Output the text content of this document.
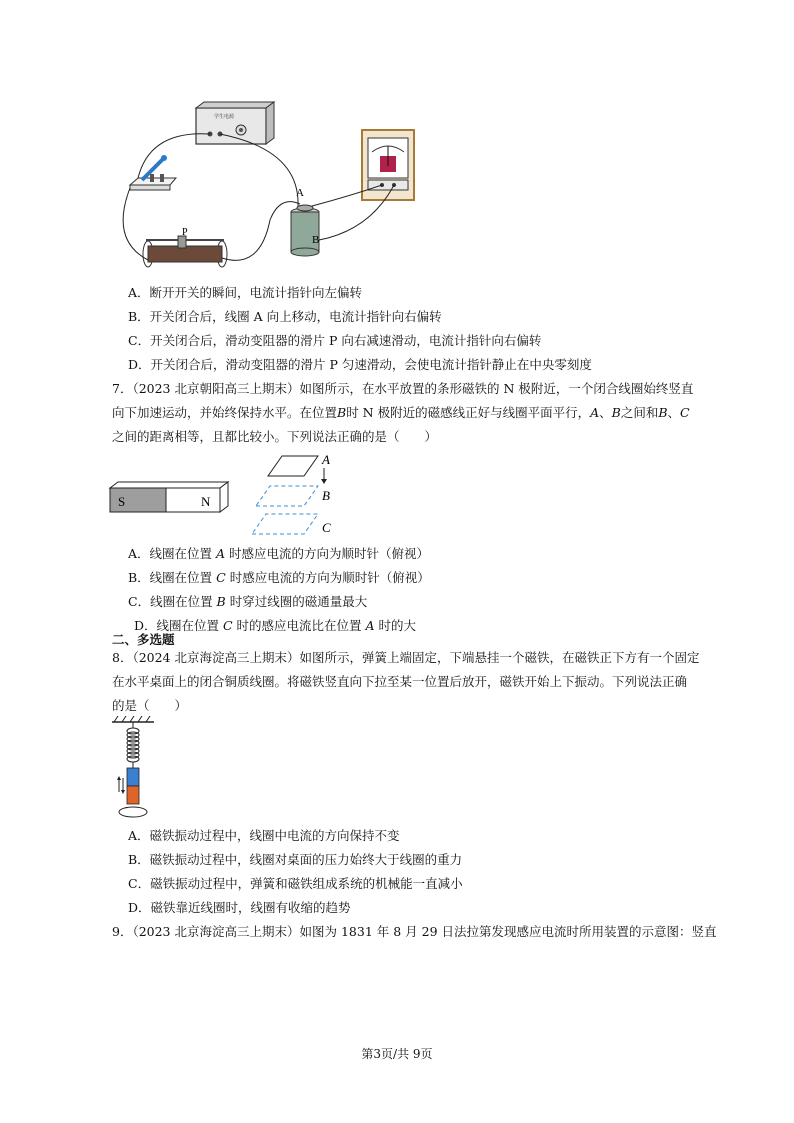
学生电源
P
A
B
A．断开开关的瞬间，电流计指针向左偏转
B．开关闭合后，线圈 A 向上移动，电流计指针向右偏转
C．开关闭合后，滑动变阻器的滑片 P 向右减速滑动，电流计指针向右偏转
D．开关闭合后，滑动变阻器的滑片 P 匀速滑动，会使电流计指针静止在中央零刻度
7．（2023 北京朝阳高三上期末）如图所示，在水平放置的条形磁铁的 N 极附近，一个闭合线圈始终竖直
向下加速运动，并始终保持水平。在位置B时 N 极附近的磁感线正好与线圈平面平行，A、B之间和B、C
之间的距离相等，且都比较小。下列说法正确的是（　　）
S	N
A
B
C
A．线圈在位置 A 时感应电流的方向为顺时针（俯视）
B．线圈在位置 C 时感应电流的方向为顺时针（俯视）
C．线圈在位置 B 时穿过线圈的磁通量最大
D．线圈在位置 C 时的感应电流比在位置 A 时的大
二、多选题
8．（2024 北京海淀高三上期末）如图所示，弹簧上端固定，下端悬挂一个磁铁，在磁铁正下方有一个固定
在水平桌面上的闭合铜质线圈。将磁铁竖直向下拉至某一位置后放开，磁铁开始上下振动。下列说法正确
的是（　　）
A．磁铁振动过程中，线圈中电流的方向保持不变
B．磁铁振动过程中，线圈对桌面的压力始终大于线圈的重力
C．磁铁振动过程中，弹簧和磁铁组成系统的机械能一直减小
D．磁铁靠近线圈时，线圈有收缩的趋势
9．（2023 北京海淀高三上期末）如图为 1831 年 8 月 29 日法拉第发现感应电流时所用装置的示意图：竖直
第3页/共 9页
